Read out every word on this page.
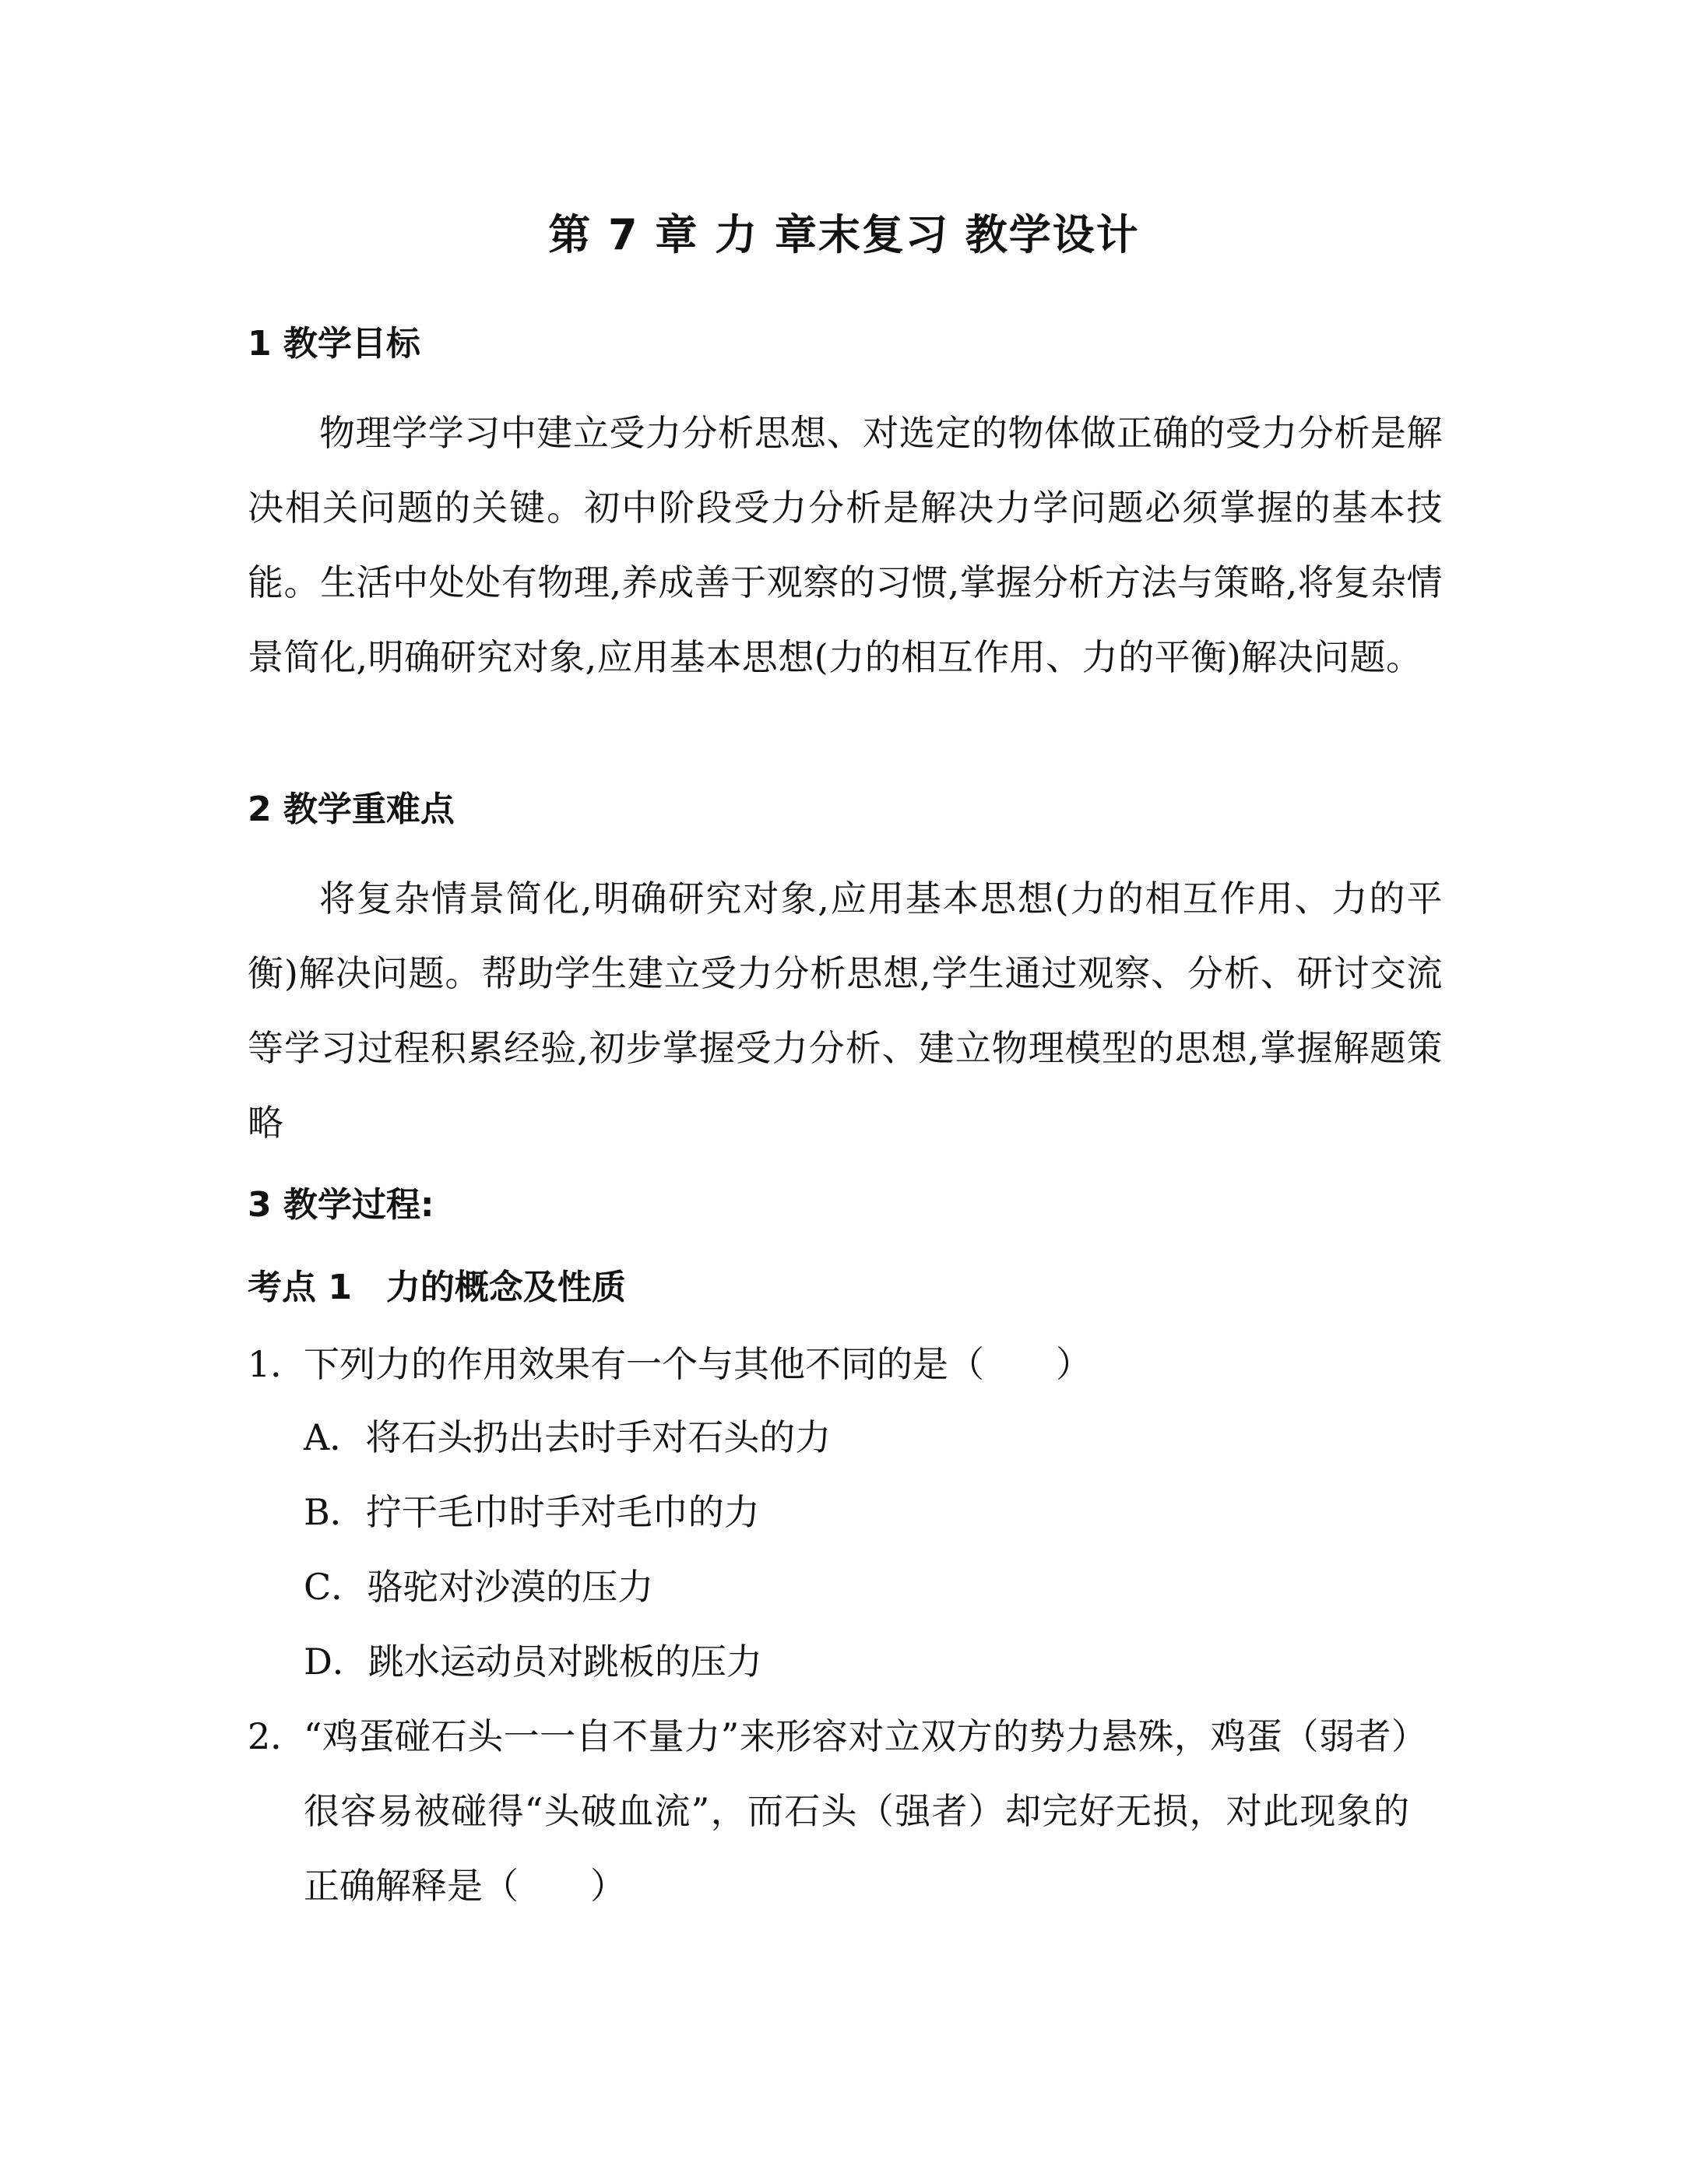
第 7 章 力 章末复习 教学设计
1 教学目标
物理学学习中建立受力分析思想、对选定的物体做正确的受力分析是解决相关问题的关键。初中阶段受力分析是解决力学问题必须掌握的基本技能。生活中处处有物理,养成善于观察的习惯,掌握分析方法与策略,将复杂情景简化,明确研究对象,应用基本思想(力的相互作用、力的平衡)解决问题。
2 教学重难点
将复杂情景简化,明确研究对象,应用基本思想(力的相互作用、力的平衡)解决问题。帮助学生建立受力分析思想,学生通过观察、分析、研讨交流等学习过程积累经验,初步掌握受力分析、建立物理模型的思想,掌握解题策略
3 教学过程:
考点 1　力的概念及性质
1．
下列力的作用效果有一个与其他不同的是（　　）
A．将石头扔出去时手对石头的力
B．拧干毛巾时手对毛巾的力
C．骆驼对沙漠的压力
D．跳水运动员对跳板的压力
2．
“鸡蛋碰石头一一自不量力”来形容对立双方的势力悬殊，鸡蛋（弱者）很容易被碰得“头破血流”，而石头（强者）却完好无损，对此现象的正确解释是（　　）
